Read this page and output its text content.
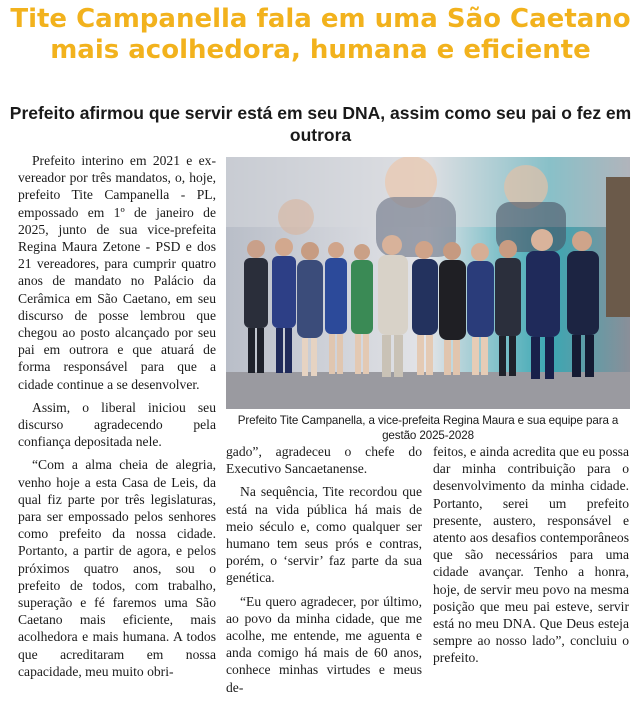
Tite Campanella fala em uma São Caetano
mais acolhedora, humana e eficiente
Prefeito afirmou que servir está em seu DNA, assim como seu pai o fez em outrora

Prefeito interino em 2021 e ex-vereador por três mandatos, o, hoje, prefeito Tite Campanella - PL, empossado em 1º de janeiro de 2025, junto de sua vice-prefeita Regina Maura Zetone - PSD e dos 21 vereadores, para cumprir quatro anos de mandato no Palácio da Cerâmica em São Caetano, em seu discurso de posse lembrou que chegou ao posto alcançado por seu pai em outrora e que atuará de forma responsável para que a cidade continue a se desenvolver.

Assim, o liberal iniciou seu discurso agradecendo pela confiança depositada nele.

“Com a alma cheia de alegria, venho hoje a esta Casa de Leis, da qual fiz parte por três legislaturas, para ser empossado pelos senhores como prefeito da nossa cidade. Portanto, a partir de agora, e pelos próximos quatro anos, sou o prefeito de todos, com trabalho, superação e fé faremos uma São Caetano mais eficiente, mais acolhedora e mais humana. A todos que acreditaram em nossa capacidade, meu muito obri-

Prefeito Tite Campanella, a vice-prefeita Regina Maura e sua equipe para a gestão 2025-2028

gado”, agradeceu o chefe do Executivo Sancaetanense.

Na sequência, Tite recordou que está na vida pública há mais de meio século e, como qualquer ser humano tem seus prós e contras, porém, o ‘servir’ faz parte da sua genética.

“Eu quero agradecer, por último, ao povo da minha cidade, que me acolhe, me entende, me aguenta e anda comigo há mais de 60 anos, conhece minhas virtudes e meus de-

feitos, e ainda acredita que eu possa dar minha contribuição para o desenvolvimento da minha cidade. Portanto, serei um prefeito presente, austero, responsável e atento aos desafios contemporâneos que são necessários para uma cidade avançar. Tenho a honra, hoje, de servir meu povo na mesma posição que meu pai esteve, servir está no meu DNA. Que Deus esteja sempre ao nosso lado”, concluiu o prefeito.
